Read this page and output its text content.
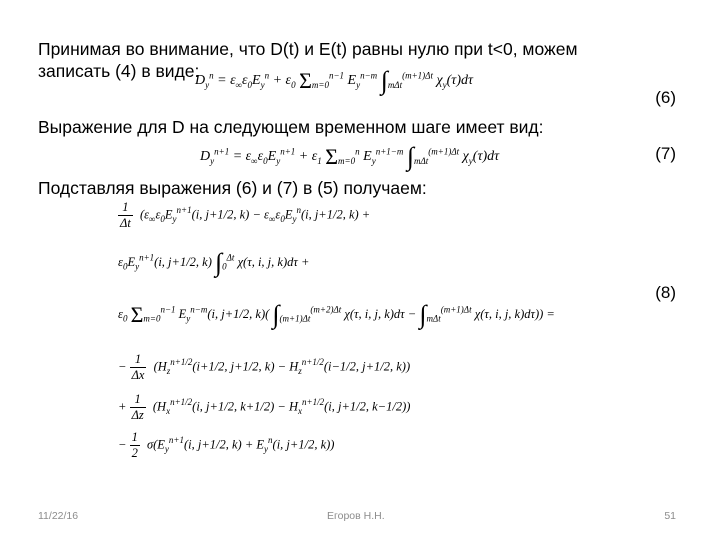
Принимая во внимание, что D(t) и E(t) равны нулю при t<0, можем
записать (4) в виде:
$D_y^n = \varepsilon_\infty\varepsilon_0E_y^n + \varepsilon_0$ $\Sigma_{m=0}^{n-1}$ $E_y^{n-m}$ $\int_{m\Delta t}^{(m+1)\Delta t}$ $\chi_y(\tau)d\tau$
(6)
Выражение для D на следующем временном шаге имеет вид:
$D_y^{n+1} = \varepsilon_\infty\varepsilon_0E_y^{n+1} + \varepsilon_1$ $\Sigma_{m=0}^n$ $E_y^{n+1-m}$ $\int_{m\Delta t}^{(m+1)\Delta t}$ $\chi_y(\tau)d\tau$	(7)
Подставляя выражения (6) и (7) в (5) получаем:
$\frac{1}{\Delta t} (\varepsilon_\infty\varepsilon_0E_y^{n+1}(i$, j+1/2, $k) - \varepsilon_\infty\varepsilon_0E_y^n(i$, j+1/2, k) +
$\varepsilon_0E_y^{n+1}(i$, j+1/2, k) $\int_0^{\Delta t}$ χ(τ, i, j, k)dτ +
$\varepsilon_0$ $\Sigma_{m=0}^{n-1}$ $E_y^{n-m}(i$, j+1/2, k)( $\int_{(m+1)\Delta t}^{(m+2)\Delta t}$ χ(τ, i, j, $k)d\tau - \int_{m\Delta t}^{(m+1)\Delta t}$ χ(τ, i, j, k)dτ)) =
(8)
− $\frac{1}{\Delta x} (H_z^{n+1/2}(i+1/2$, j+1/2, $k) - H_z^{n+1/2}(i-1/2$, j+1/2, k))
+ $\frac{1}{\Delta z} (H_x^{n+1/2}(i$, j+1/2, $k+1/2) - H_x^{n+1/2}(i$, j+1/2, k−1/2))
− $\frac{1}{2} \sigma(E_y^{n+1}(i$, j+1/2, $k) + E_y^n(i$, j+1/2, k))
11/22/16	Егоров Н.Н.	51
